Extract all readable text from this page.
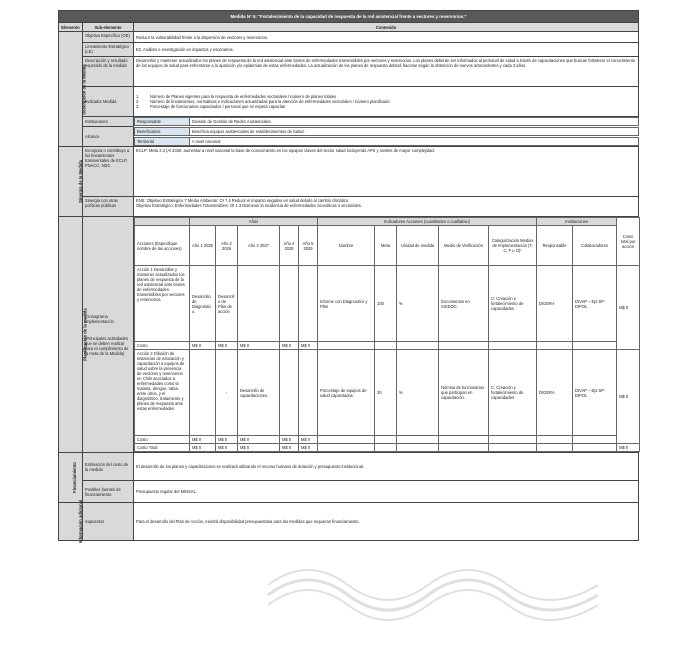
Medida N° 5: "Fortalecimiento de la capacidad de respuesta de la red asistencial frente a vectores y reservorios."
Elemento	Sub-elemento	Contenido
Descripción de la Medida	Objetivo Específico (OE)	Reducir la vulnerabilidad frente a la dispersión de vectores y reservorios.
Lineamiento Estratégico (LE)	E2. Análisis e investigación en impactos y escenarios.
Descripción y resultado esperado de la medida	Desarrollar y mantener actualizados los planes de respuesta de la red asistencial ante brotes de enfermedades transmisibles por vectores y reservorios. Los planes deberán ser informados al personal de salud a través de capacitaciones que buscan fortalecer el conocimiento de los equipos de salud para enfrentarse a la aparición y/o epidemias de estas enfermedades. La actualización de los planes de respuesta deberá hacerse según la obtención de nuevos antecedentes y cada 3 años.
Indicador Medida	
1.	Número de Planes vigentes para la respuesta de enfermedades vectoriales / número de planes totales
2.	Número de lineamientos, normativas e indicaciones actualizadas para la atención de enfermedades vectoriales / número planificado
3.	Porcentaje de funcionarios capacitados / personal que se espera capacitar

Instituciones		Responsable	División de Gestión de Redes Asistenciales.

Alcance	
Beneficiarios	Beneficia equipos asistenciales de establecimientos de Salud.

Territorial	A nivel nacional

Sinergia de la Medida	Incorpora o contribuye a los lineamientos transversales de ECLP, PNACC, NDC	ECLP: Meta 2.3 (Al 2030, aumentar a nivel nacional la base de conocimiento en los equipos claves del sector salud incluyendo APS y niveles de mayor complejidad.
Sinergia con otras políticas públicas	
ENS: Objetivo Estratégico 7 Medio Ambiente: OI 7.4 Reducir el impacto negativo en salud debido al cambio climático.
Objetivo Estratégico: Enfermedades Transmisibles: OI 1.3 Disminuir la incidencia de enfermedades zoonóticas o vectoriales.

Planificación de la medida	
Cronograma Implementación
(Principales actividades que se deben realizar para el cumplimiento de la meta de la Medida)

	Años	Indicadores Acciones (cuantitativo o cualitativo)	Instituciones	Costo total por acción
Acciones (Especifique nombre de las acciones)	Año 1 2025	Año 2 2026	Año 3 2027	Año 4 2028	Año 5 2029	Nombre	Meta	Unidad de medida	Medio de Verificación	Categorización Medios de Implementación (T, C, F u O)¹	Responsable	Colaboradores
Acción 1 Desarrollar y mantener actualizados los planes de respuesta de la red asistencial ante brotes de enfermedades transmisibles por vectores y reservorios.	Desarrollo de Diagnóstico.	Desarrollo de Plan de acción				Informe con Diagnostico y Plan	100	%	Documentos en SISDOC	C: Creación y fortalecimiento de capacidades	DIGERA	DIVAP – Epi SP- DIPOL	M$ 0
Costo	M$ 0	M$ 0	M$ 0	M$ 0	M$ 0							
Acción 2 Difusión de instancias de educación y capacitación a equipos de salud sobre la presencia de vectores y reservorios en Chile asociados a enfermedades como la malaria, dengue, rabia, entre otros, y el diagnóstico, tratamiento y planes de respuesta ante estas enfermedades		-	Desarrollo de capacitaciones.			Porcentaje de equipos de salud capacitados.	30	%	Nómina de funcionarios que participan en capacitación.	C: Creación y fortalecimiento de capacidades	DIGERA	DIVAP – Epi SP- DIPOL	M$ 0
Costo	M$ 0	M$ 0	M$ 0	M$ 0	M$ 0							
Costo Total	M$ 0	M$ 0	M$ 0	M$ 0	M$ 0								M$ 0

Financiamiento	Estimación del costo de la medida	El desarrollo de los planes y capacitaciones se realizará utilizando el recurso humano de dotación y presupuesto institucional.
Posibles fuentes de financiamiento	Presupuesto regular del MINSAL.
Información adicional	Supuestos	Para el desarrollo del Plan de Acción, existirá disponibilidad presupuestaria para las medidas que requieran financiamiento.
